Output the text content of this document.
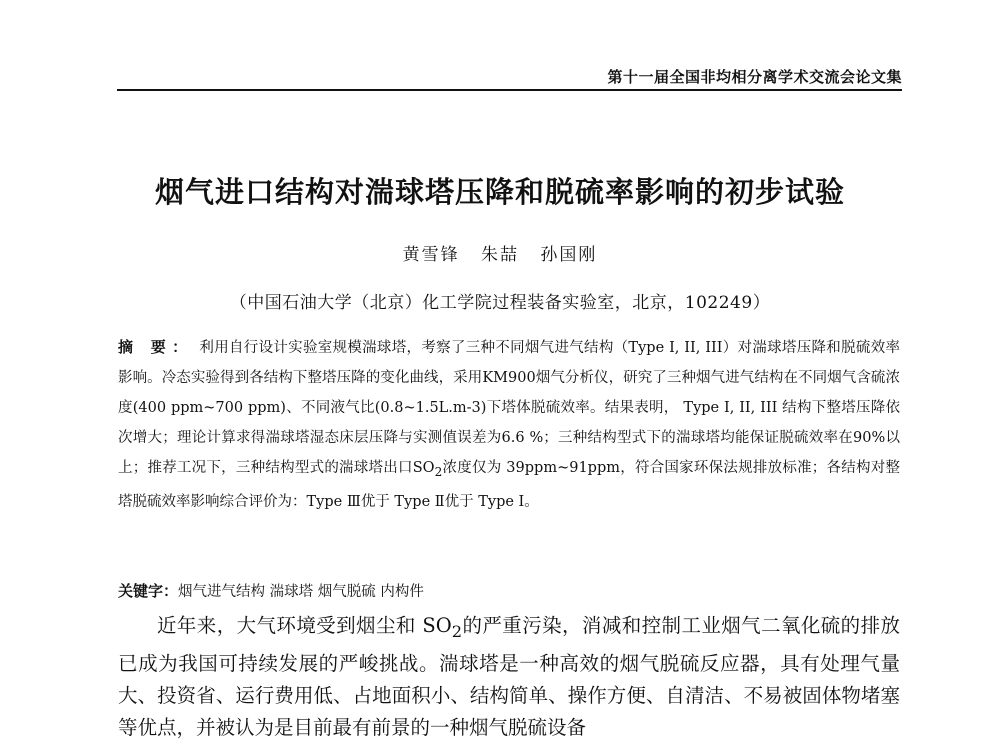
第十一届全国非均相分离学术交流会论文集
烟气进口结构对湍球塔压降和脱硫率影响的初步试验
黄雪锋 朱喆 孙国刚
（中国石油大学（北京）化工学院过程装备实验室，北京，102249）
摘 要： 利用自行设计实验室规模湍球塔，考察了三种不同烟气进气结构（Type I, II, III）对湍球塔压降和脱硫效率影响。冷态实验得到各结构下整塔压降的变化曲线，采用KM900烟气分析仪，研究了三种烟气进气结构在不同烟气含硫浓度(400 ppm~700 ppm)、不同液气比(0.8~1.5L.m-3)下塔体脱硫效率。结果表明， Type I, II, III 结构下整塔压降依次增大；理论计算求得湍球塔湿态床层压降与实测值误差为6.6 %；三种结构型式下的湍球塔均能保证脱硫效率在90%以上；推荐工况下，三种结构型式的湍球塔出口$SO_2$浓度仅为 39ppm~91ppm，符合国家环保法规排放标准；各结构对整塔脱硫效率影响综合评价为：Type Ⅲ优于 Type Ⅱ优于 Type Ⅰ。
关键字：烟气进气结构 湍球塔 烟气脱硫 内构件
近年来，大气环境受到烟尘和 $SO_2$的严重污染，消减和控制工业烟气二氧化硫的排放已成为我国可持续发展的严峻挑战。湍球塔是一种高效的烟气脱硫反应器，具有处理气量大、投资省、运行费用低、占地面积小、结构简单、操作方便、自清洁、不易被固体物堵塞等优点，并被认为是目前最有前景的一种烟气脱硫设备
